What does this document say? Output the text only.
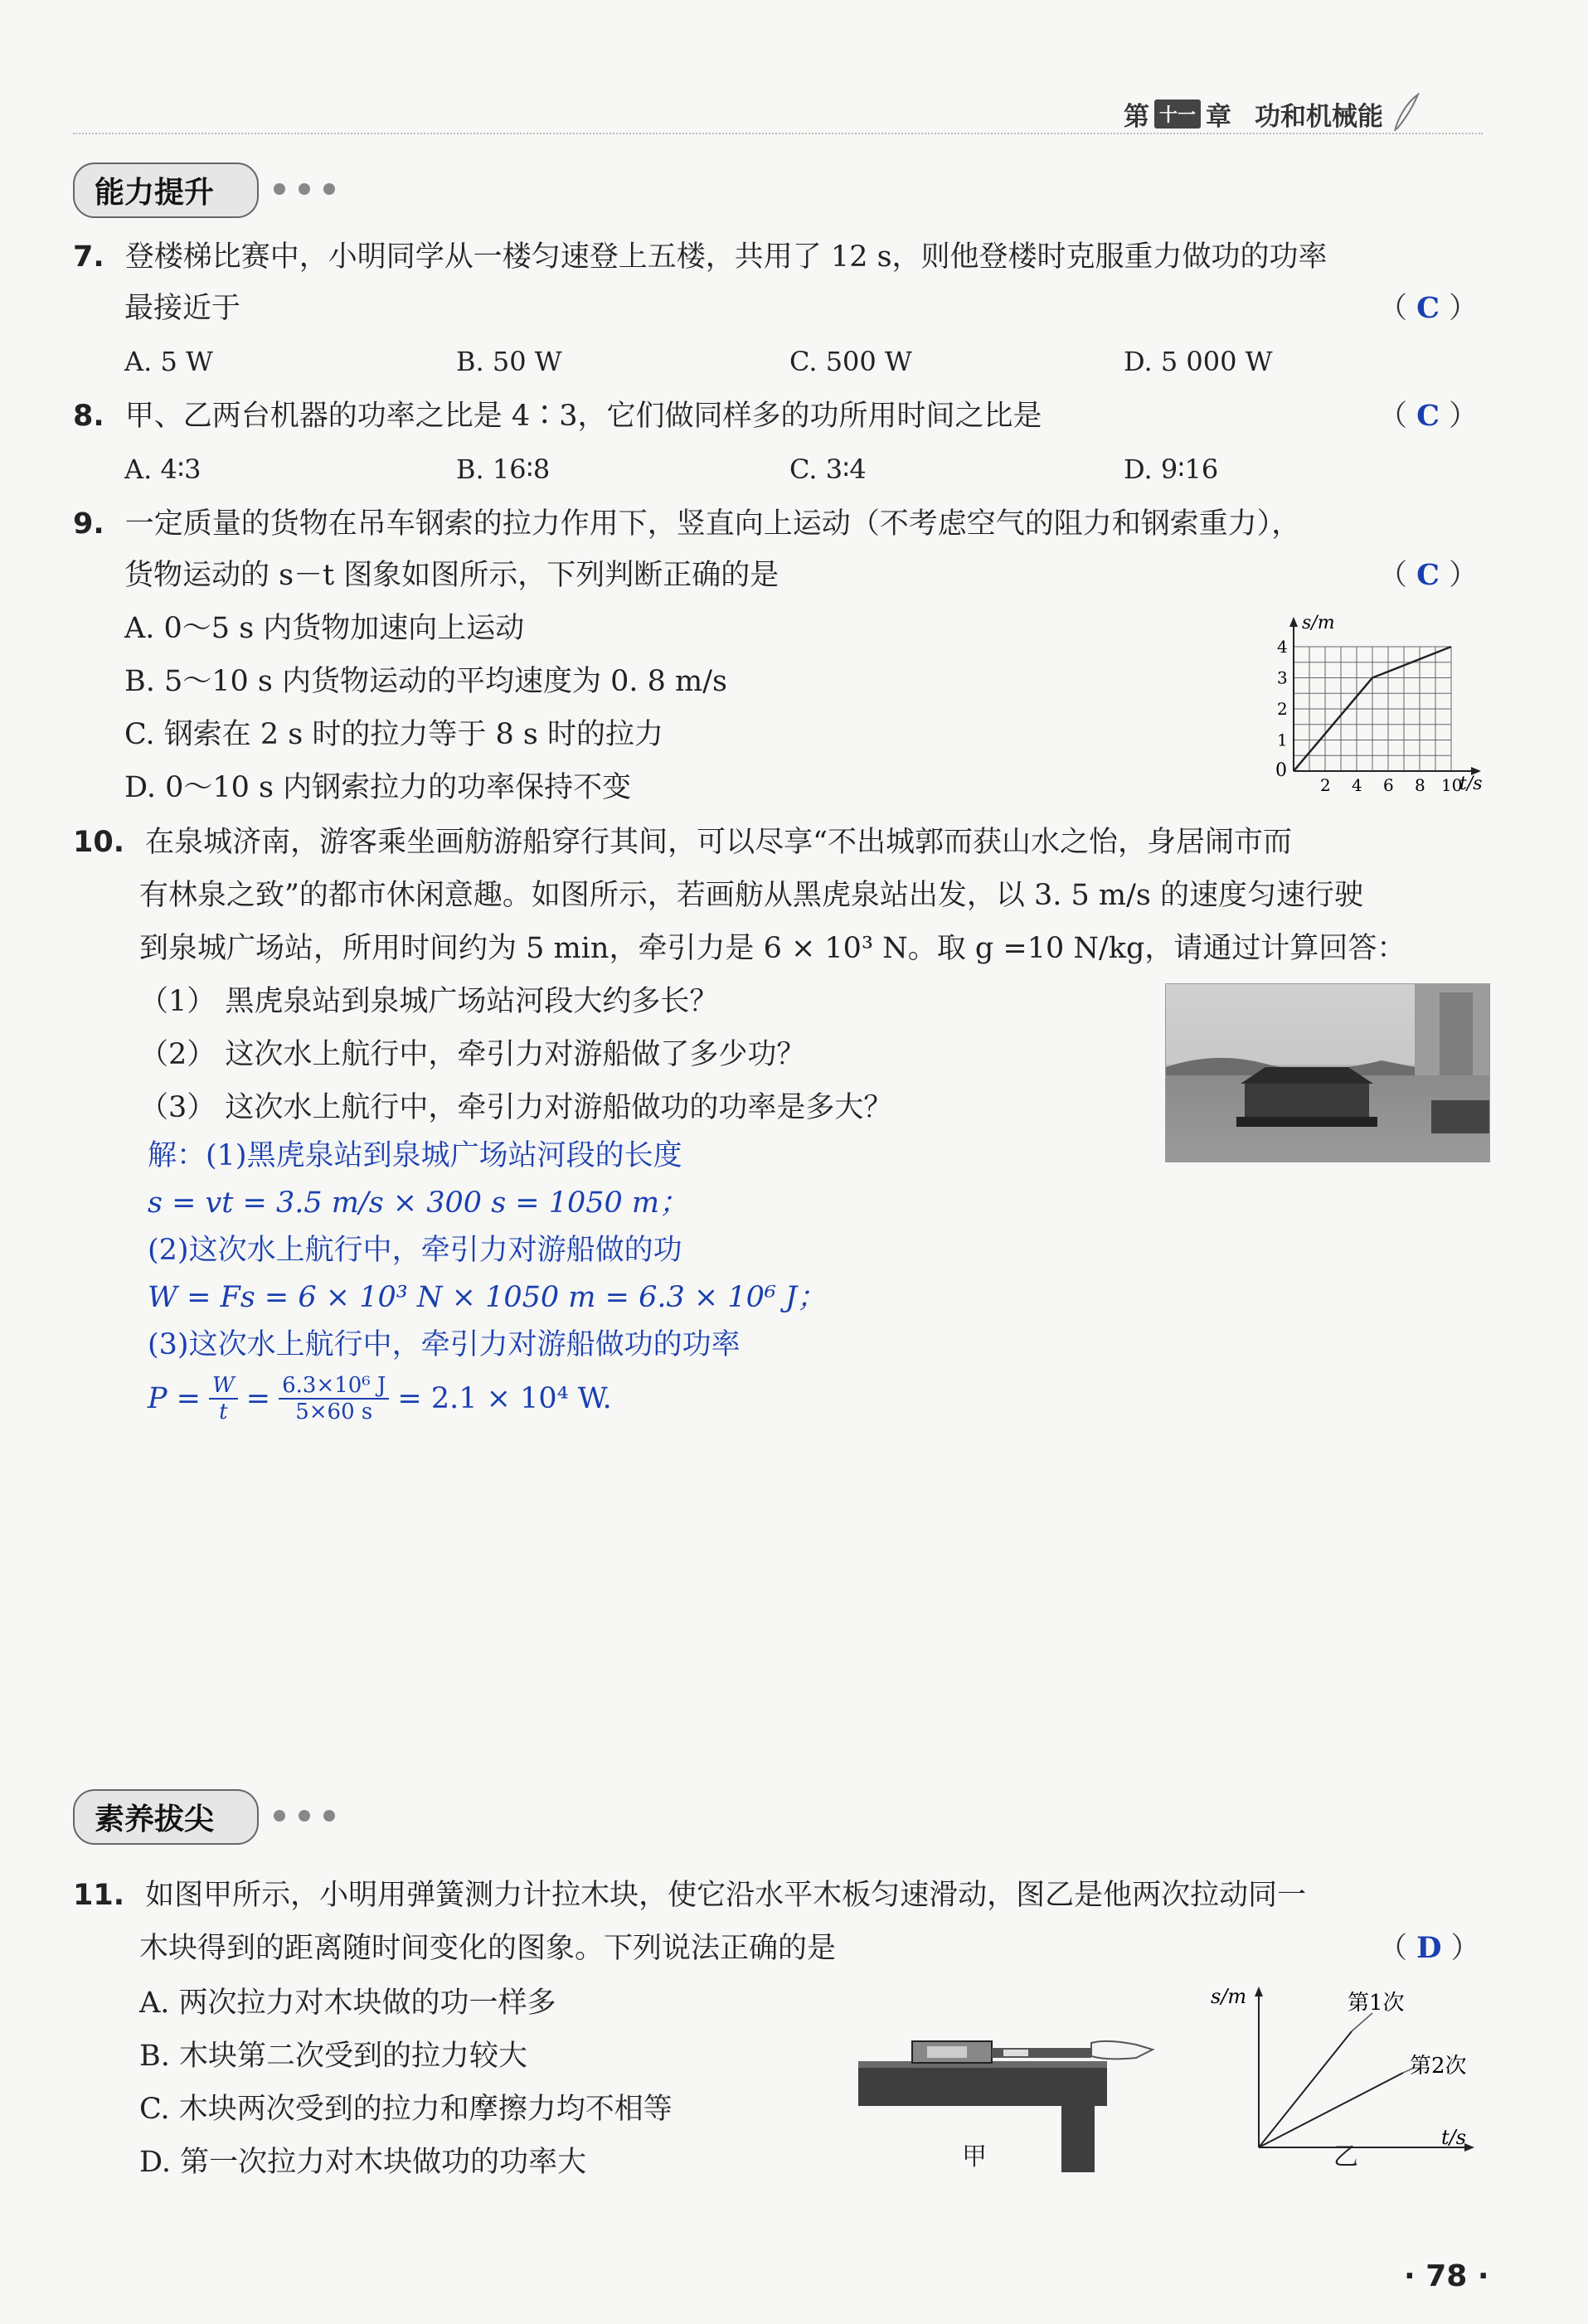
第 十一 章 功和机械能
能力提升
7. 登楼梯比赛中，小明同学从一楼匀速登上五楼，共用了 12 s，则他登楼时克服重力做功的功率
最接近于	（ C ）
A. 5 W	B. 50 W	C. 500 W	D. 5 000 W
8. 甲、乙两台机器的功率之比是 4∶3，它们做同样多的功所用时间之比是	（ C ）
A. 4∶3	B. 16∶8	C. 3∶4	D. 9∶16
9. 一定质量的货物在吊车钢索的拉力作用下，竖直向上运动（不考虑空气的阻力和钢索重力），
货物运动的 s－t 图象如图所示，下列判断正确的是	（ C ）
A. 0～5 s 内货物加速向上运动
B. 5～10 s 内货物运动的平均速度为 0. 8 m/s
C. 钢索在 2 s 时的拉力等于 8 s 时的拉力
D. 0～10 s 内钢索拉力的功率保持不变
s/m
t/s
0
2 4 6 8 10
1
2
3
4
10. 在泉城济南，游客乘坐画舫游船穿行其间，可以尽享“不出城郭而获山水之怡，身居闹市而
有林泉之致”的都市休闲意趣。如图所示，若画舫从黑虎泉站出发，以 3. 5 m/s 的速度匀速行驶
到泉城广场站，所用时间约为 5 min，牵引力是 6 × 10³ N。取 g =10 N/kg，请通过计算回答：
（1） 黑虎泉站到泉城广场站河段大约多长？
（2） 这次水上航行中，牵引力对游船做了多少功？
（3） 这次水上航行中，牵引力对游船做功的功率是多大？
解：(1)黑虎泉站到泉城广场站河段的长度
s = vt = 3.5 m/s × 300 s = 1050 m；
(2)这次水上航行中，牵引力对游船做的功
W = Fs = 6 × 10³ N × 1050 m = 6.3 × 10⁶ J；
(3)这次水上航行中，牵引力对游船做功的功率
$P = \frac{W}{t} = \frac{\text{6.3×10⁶ J}}{5\times 60 s} = 2.1 \times 10^4$ W.
素养拔尖
11. 如图甲所示，小明用弹簧测力计拉木块，使它沿水平木板匀速滑动，图乙是他两次拉动同一
木块得到的距离随时间变化的图象。下列说法正确的是	（ D ）
A. 两次拉力对木块做的功一样多
B. 木块第二次受到的拉力较大
C. 木块两次受到的拉力和摩擦力均不相等
D. 第一次拉力对木块做功的功率大	甲
s/m
t/s
第1次
第2次
乙
· 78 ·
